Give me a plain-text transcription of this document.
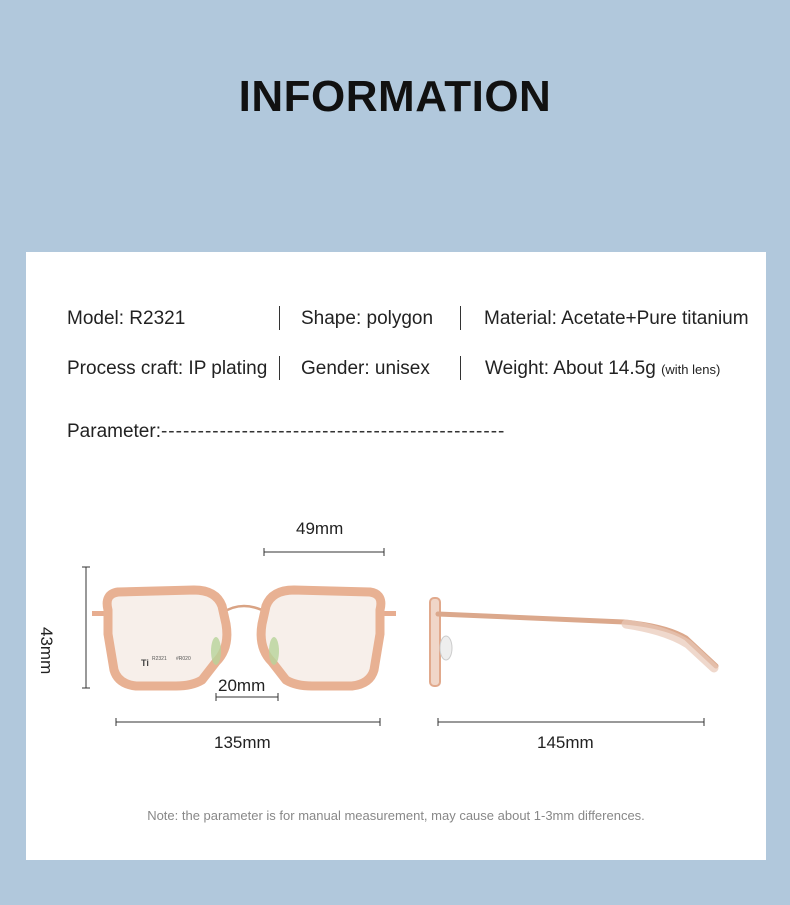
INFORMATION
Model: R2321	Shape: polygon	Material: Acetate+Pure titanium
Process craft: IP plating Gender: unisex	Weight: About 14.5g (with lens)
Parameter:-----------------------------------------------
Ti R2321 #R020
49mm
43mm
20mm
135mm	145mm
Note: the parameter is for manual measurement, may cause about 1-3mm differences.
